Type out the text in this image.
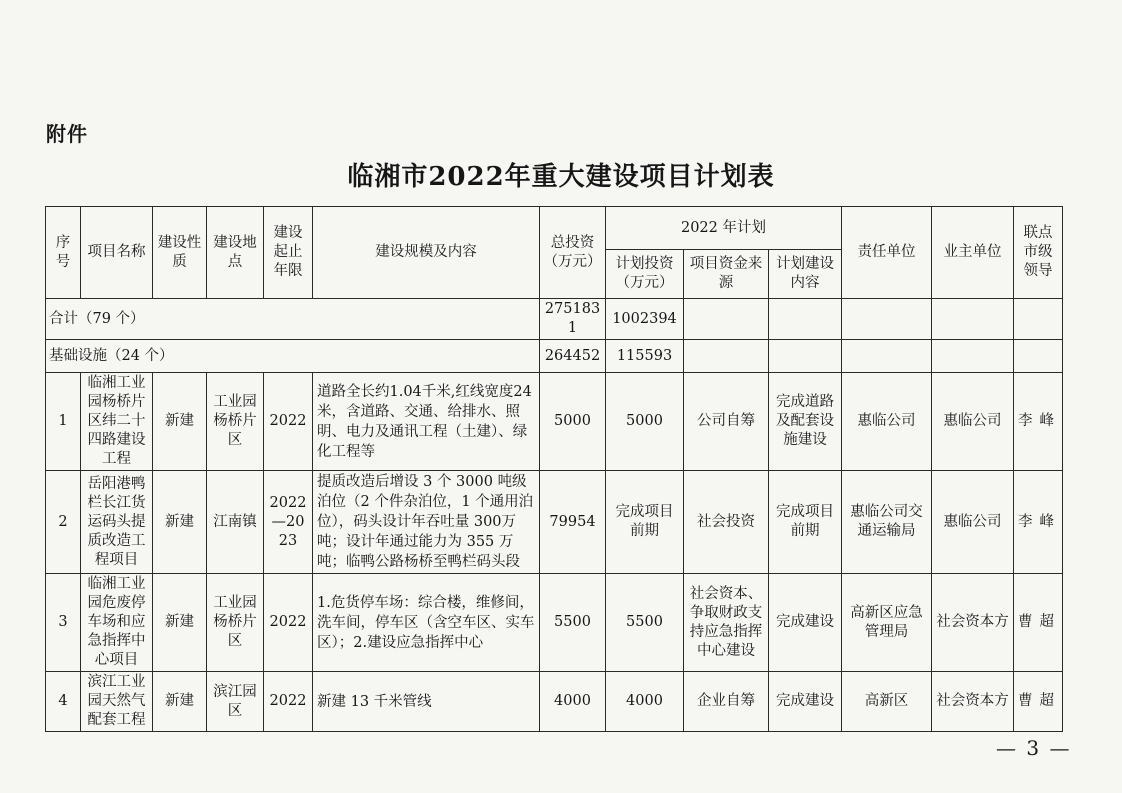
附件
临湘市2022年重大建设项目计划表
序号	项目名称	建设性质	建设地点	建设起止年限	建设规模及内容	总投资（万元）	2022 年计划			责任单位	业主单位	联点市级领导
							计划投资（万元）	项目资金来源	计划建设内容			
合计（79 个）						2751831	1002394					
基础设施（24 个）						264452	115593					
1	临湘工业园杨桥片区纬二十四路建设工程	新建	工业园杨桥片区	2022	道路全长约1.04千米,红线宽度24米，含道路、交通、给排水、照明、电力及通讯工程（土建）、绿化工程等	5000	5000	公司自筹	完成道路及配套设施建设	惠临公司	惠临公司	李峰
2	岳阳港鸭栏长江货运码头提质改造工程项目	新建	江南镇	2022—2023	提质改造后增设 3 个 3000 吨级泊位（2 个件杂泊位，1 个通用泊位），码头设计年吞吐量 300万吨；设计年通过能力为 355 万吨；临鸭公路杨桥至鸭栏码头段	79954	完成项目前期	社会投资	完成项目前期	惠临公司交通运输局	惠临公司	李峰
3	临湘工业园危废停车场和应急指挥中心项目	新建	工业园杨桥片区	2022	1.危货停车场：综合楼，维修间，洗车间，停车区（含空车区、实车区）；2.建设应急指挥中心	5500	5500	社会资本、争取财政支持应急指挥中心建设	完成建设	高新区应急管理局	社会资本方	曹超
4	滨江工业园天然气配套工程	新建	滨江园区	2022	新建 13 千米管线	4000	4000	企业自筹	完成建设	高新区	社会资本方	曹超
— 3 —
